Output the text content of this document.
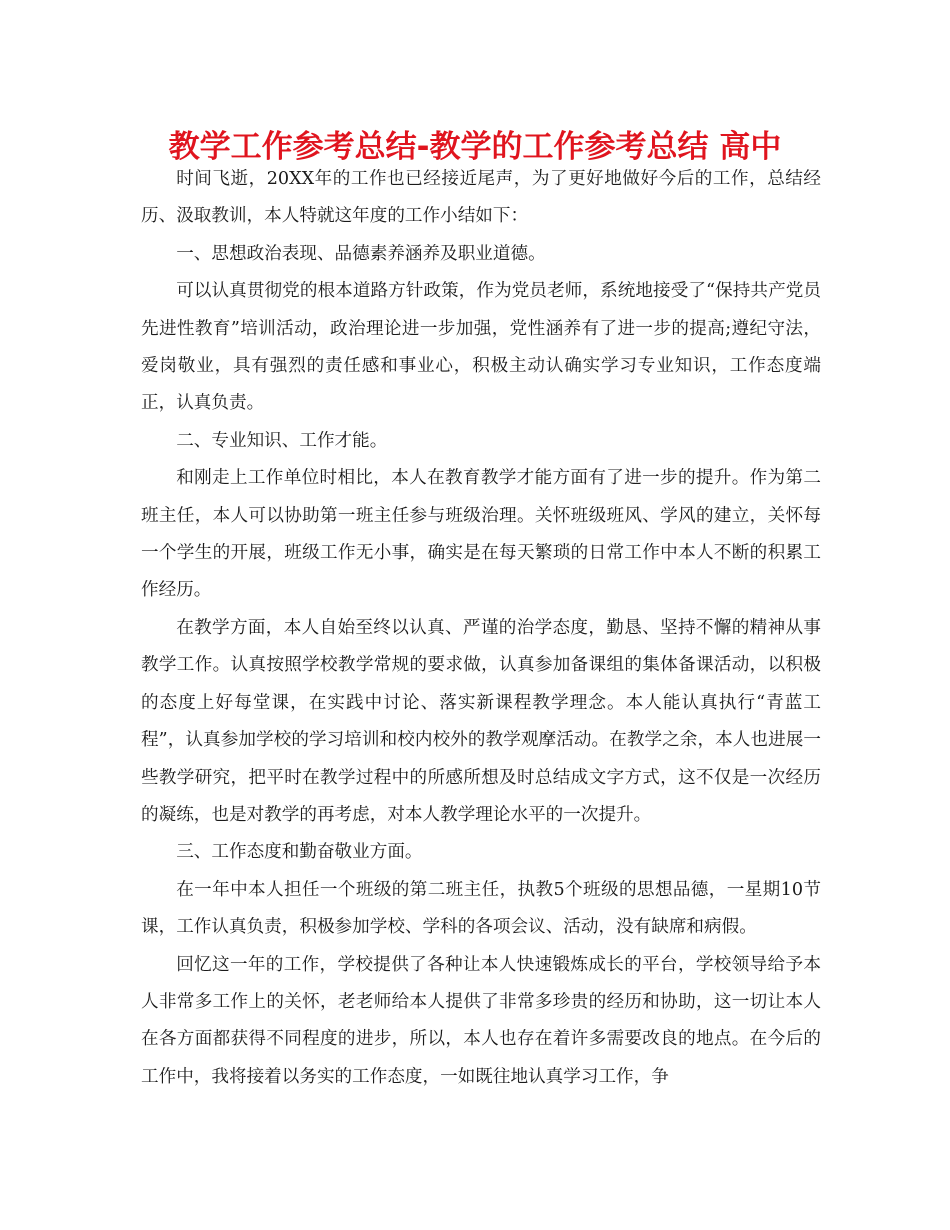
教学工作参考总结-教学的工作参考总结 高中

时间飞逝，20XX年的工作也已经接近尾声，为了更好地做好今后的工作，总结经历、汲取教训，本人特就这年度的工作小结如下：

一、思想政治表现、品德素养涵养及职业道德。

可以认真贯彻党的根本道路方针政策，作为党员老师，系统地接受了“保持共产党员先进性教育”培训活动，政治理论进一步加强，党性涵养有了进一步的提高;遵纪守法，爱岗敬业，具有强烈的责任感和事业心，积极主动认确实学习专业知识，工作态度端正，认真负责。

二、专业知识、工作才能。

和刚走上工作单位时相比，本人在教育教学才能方面有了进一步的提升。作为第二班主任，本人可以协助第一班主任参与班级治理。关怀班级班风、学风的建立，关怀每一个学生的开展，班级工作无小事，确实是在每天繁琐的日常工作中本人不断的积累工作经历。

在教学方面，本人自始至终以认真、严谨的治学态度，勤恳、坚持不懈的精神从事教学工作。认真按照学校教学常规的要求做，认真参加备课组的集体备课活动，以积极的态度上好每堂课，在实践中讨论、落实新课程教学理念。本人能认真执行“青蓝工程”，认真参加学校的学习培训和校内校外的教学观摩活动。在教学之余，本人也进展一些教学研究，把平时在教学过程中的所感所想及时总结成文字方式，这不仅是一次经历的凝练，也是对教学的再考虑，对本人教学理论水平的一次提升。

三、工作态度和勤奋敬业方面。

在一年中本人担任一个班级的第二班主任，执教5个班级的思想品德，一星期10节课，工作认真负责，积极参加学校、学科的各项会议、活动，没有缺席和病假。

回忆这一年的工作，学校提供了各种让本人快速锻炼成长的平台，学校领导给予本人非常多工作上的关怀，老老师给本人提供了非常多珍贵的经历和协助，这一切让本人在各方面都获得不同程度的进步，所以，本人也存在着许多需要改良的地点。在今后的工作中，我将接着以务实的工作态度，一如既往地认真学习工作，争
